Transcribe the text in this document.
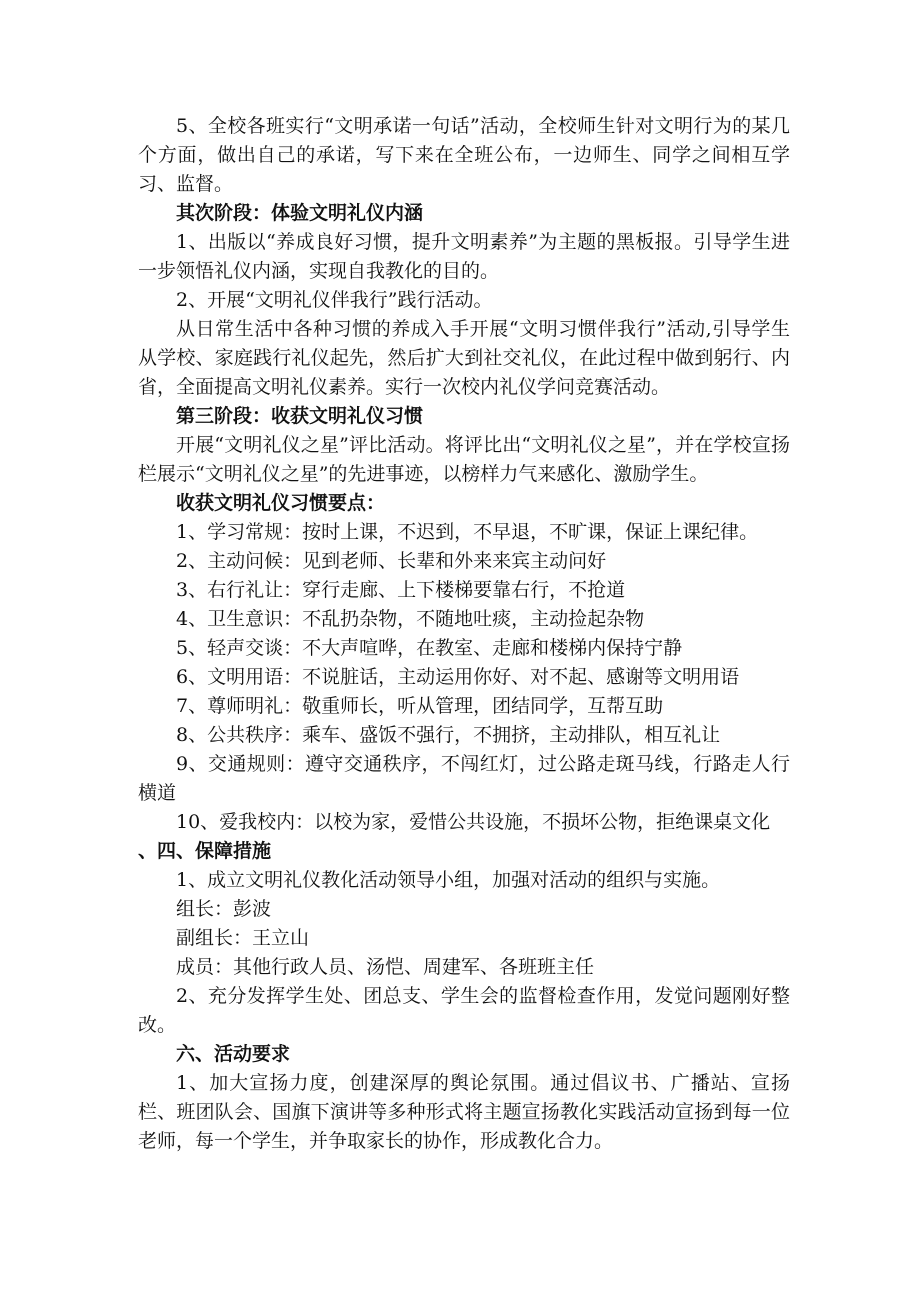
5、全校各班实行“文明承诺一句话”活动，全校师生针对文明行为的某几个方面，做出自己的承诺，写下来在全班公布，一边师生、同学之间相互学习、监督。

其次阶段：体验文明礼仪内涵

1、出版以“养成良好习惯，提升文明素养”为主题的黑板报。引导学生进一步领悟礼仪内涵，实现自我教化的目的。

2、开展“文明礼仪伴我行”践行活动。

从日常生活中各种习惯的养成入手开展“文明习惯伴我行”活动,引导学生从学校、家庭践行礼仪起先，然后扩大到社交礼仪，在此过程中做到躬行、内省，全面提高文明礼仪素养。实行一次校内礼仪学问竞赛活动。

第三阶段：收获文明礼仪习惯

开展“文明礼仪之星”评比活动。将评比出“文明礼仪之星”，并在学校宣扬栏展示“文明礼仪之星”的先进事迹，以榜样力气来感化、激励学生。

收获文明礼仪习惯要点：

1、学习常规：按时上课，不迟到，不早退，不旷课，保证上课纪律。

2、主动问候：见到老师、长辈和外来来宾主动问好

3、右行礼让：穿行走廊、上下楼梯要靠右行，不抢道

4、卫生意识：不乱扔杂物，不随地吐痰，主动捡起杂物

5、轻声交谈：不大声喧哗，在教室、走廊和楼梯内保持宁静

6、文明用语：不说脏话，主动运用你好、对不起、感谢等文明用语

7、尊师明礼：敬重师长，听从管理，团结同学，互帮互助

8、公共秩序：乘车、盛饭不强行，不拥挤，主动排队，相互礼让

9、交通规则：遵守交通秩序，不闯红灯，过公路走斑马线，行路走人行横道

10、爱我校内：以校为家，爱惜公共设施，不损坏公物，拒绝课桌文化

、四、保障措施

1、成立文明礼仪教化活动领导小组，加强对活动的组织与实施。

组长：彭波

副组长：王立山

成员：其他行政人员、汤恺、周建军、各班班主任

2、充分发挥学生处、团总支、学生会的监督检查作用，发觉问题刚好整改。

六、活动要求

1、加大宣扬力度，创建深厚的舆论氛围。通过倡议书、广播站、宣扬栏、班团队会、国旗下演讲等多种形式将主题宣扬教化实践活动宣扬到每一位老师，每一个学生，并争取家长的协作，形成教化合力。
